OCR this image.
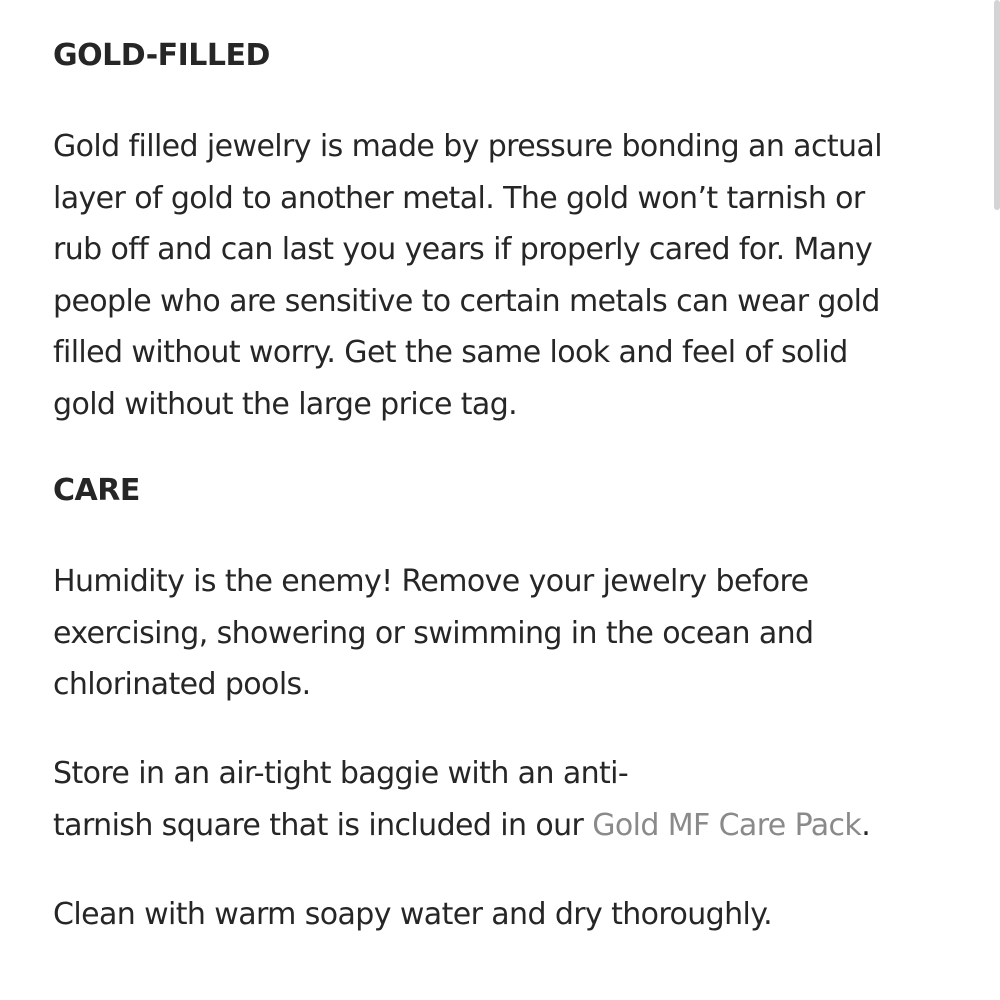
GOLD-FILLED
Gold filled jewelry is made by pressure bonding an actual
layer of gold to another metal. The gold won’t tarnish or
rub off and can last you years if properly cared for. Many
people who are sensitive to certain metals can wear gold
filled without worry. Get the same look and feel of solid
gold without the large price tag.
CARE
Humidity is the enemy! Remove your jewelry before
exercising, showering or swimming in the ocean and
chlorinated pools.
Store in an air-tight baggie with an anti-
tarnish square that is included in our Gold MF Care Pack.
Clean with warm soapy water and dry thoroughly.
